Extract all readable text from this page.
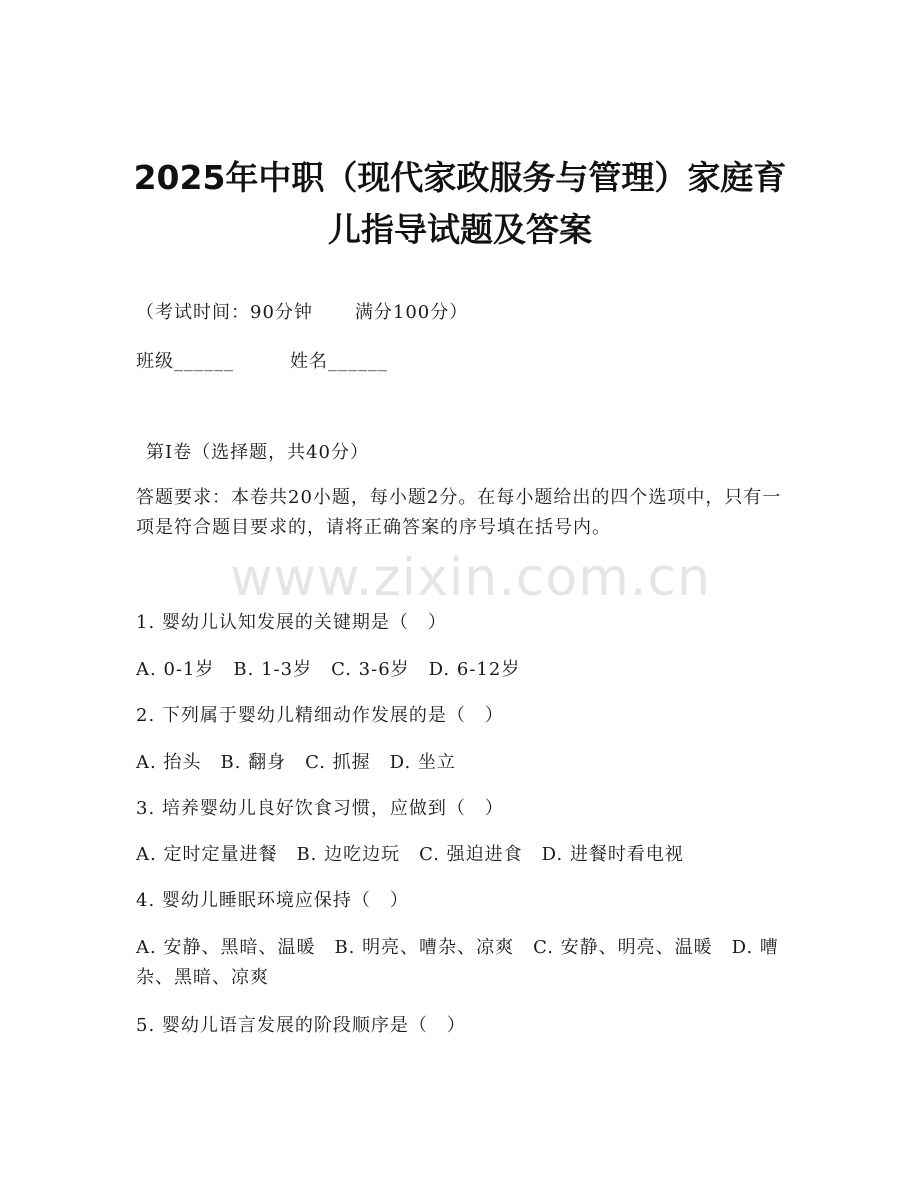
2025年中职（现代家政服务与管理）家庭育
儿指导试题及答案
（考试时间：90分钟 满分100分）
班级______	姓名______
第Ⅰ卷（选择题，共40分）
答题要求：本卷共20小题，每小题2分。在每小题给出的四个选项中，只有一项是符合题目要求的，请将正确答案的序号填在括号内。
www.zixin.com.cn
1. 婴幼儿认知发展的关键期是（　）
A. 0-1岁　B. 1-3岁　C. 3-6岁　D. 6-12岁
2. 下列属于婴幼儿精细动作发展的是（　）
A. 抬头　B. 翻身　C. 抓握　D. 坐立
3. 培养婴幼儿良好饮食习惯，应做到（　）
A. 定时定量进餐　B. 边吃边玩　C. 强迫进食　D. 进餐时看电视
4. 婴幼儿睡眠环境应保持（　）
A. 安静、黑暗、温暖　B. 明亮、嘈杂、凉爽　C. 安静、明亮、温暖　D. 嘈杂、黑暗、凉爽
5. 婴幼儿语言发展的阶段顺序是（　）
